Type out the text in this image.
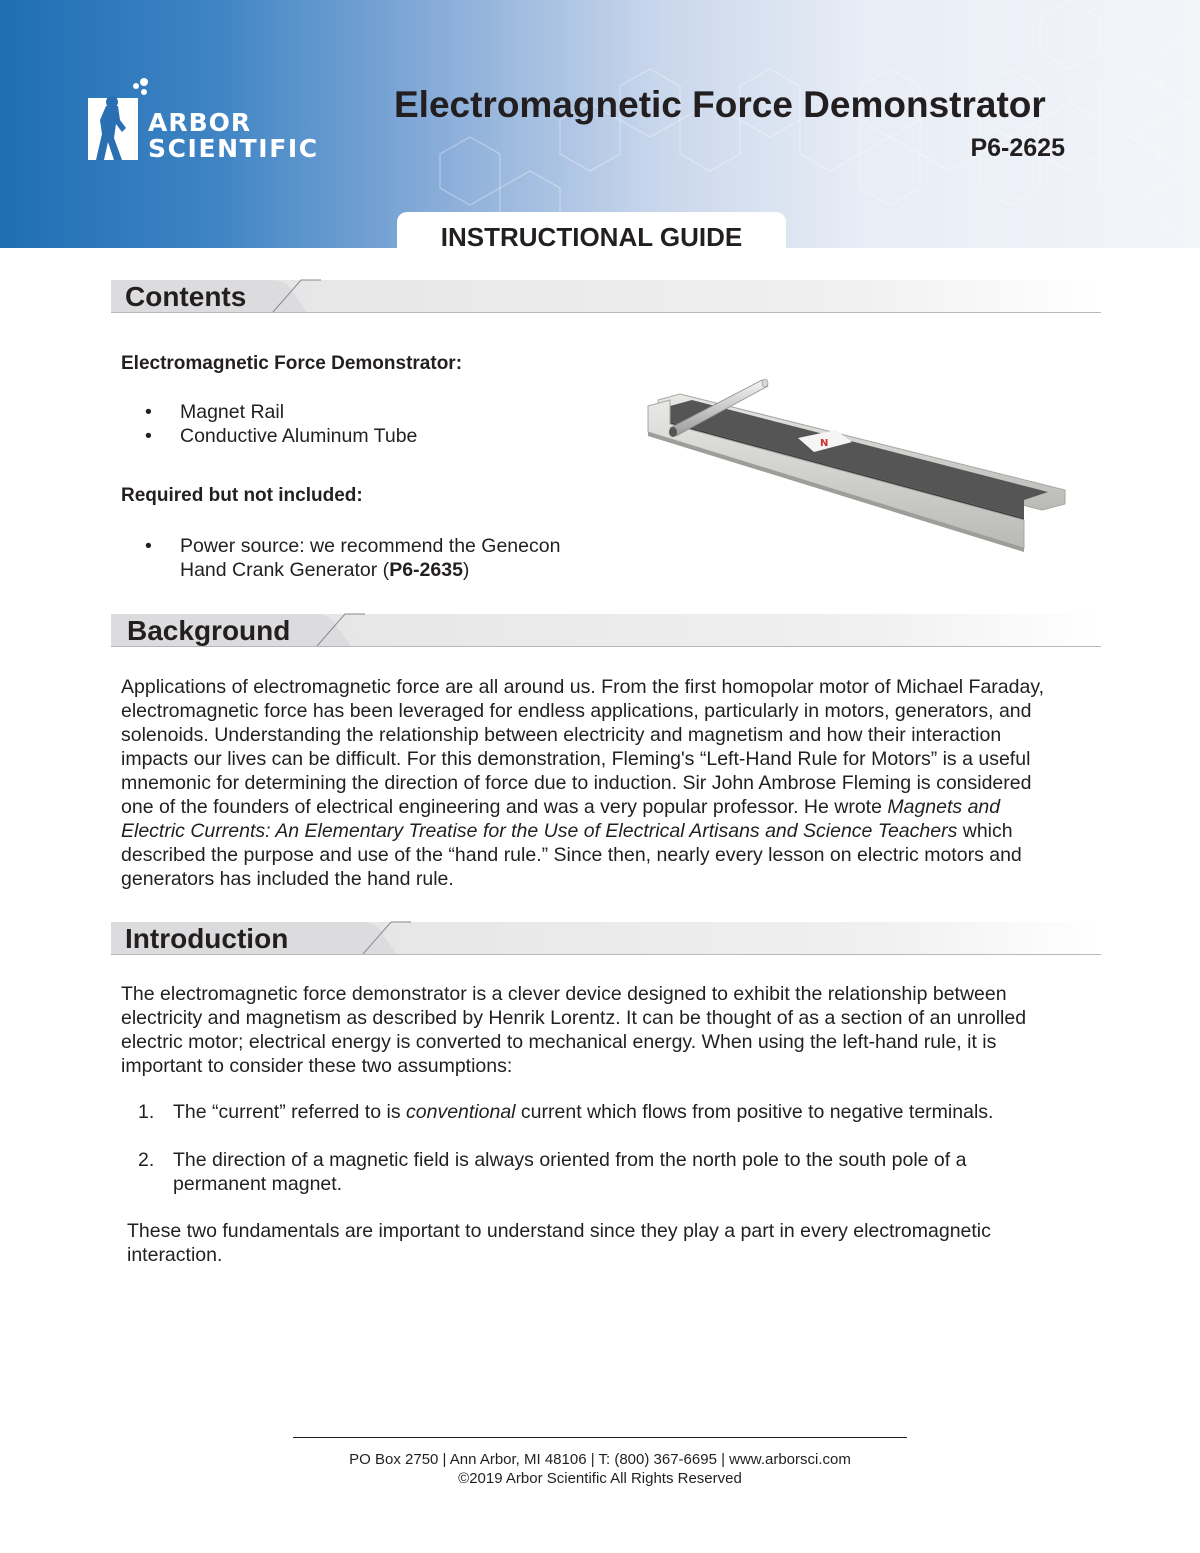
ARBOR
SCIENTIFIC
Electromagnetic Force Demonstrator
P6-2625
INSTRUCTIONAL GUIDE
Contents
Electromagnetic Force Demonstrator:
• Magnet Rail
• Conductive Aluminum Tube
Required but not included:
• Power source: we recommend the Genecon
Hand Crank Generator (P6-2635)
N
Background
Applications of electromagnetic force are all around us. From the first homopolar motor of Michael Faraday, electromagnetic force has been leveraged for endless applications, particularly in motors, generators, and solenoids. Understanding the relationship between electricity and magnetism and how their interaction impacts our lives can be difficult. For this demonstration, Fleming's “Left-Hand Rule for Motors” is a useful mnemonic for determining the direction of force due to induction. Sir John Ambrose Fleming is considered one of the founders of electrical engineering and was a very popular professor. He wrote Magnets and Electric Currents: An Elementary Treatise for the Use of Electrical Artisans and Science Teachers which described the purpose and use of the “hand rule.” Since then, nearly every lesson on electric motors and generators has included the hand rule.
Introduction
The electromagnetic force demonstrator is a clever device designed to exhibit the relationship between electricity and magnetism as described by Henrik Lorentz. It can be thought of as a section of an unrolled electric motor; electrical energy is converted to mechanical energy. When using the left-hand rule, it is important to consider these two assumptions:
1. The “current” referred to is conventional current which flows from positive to negative terminals.
2. The direction of a magnetic field is always oriented from the north pole to the south pole of a permanent magnet.
These two fundamentals are important to understand since they play a part in every electromagnetic interaction.
PO Box 2750 | Ann Arbor, MI 48106 | T: (800) 367-6695 | www.arborsci.com
©2019 Arbor Scientific All Rights Reserved
